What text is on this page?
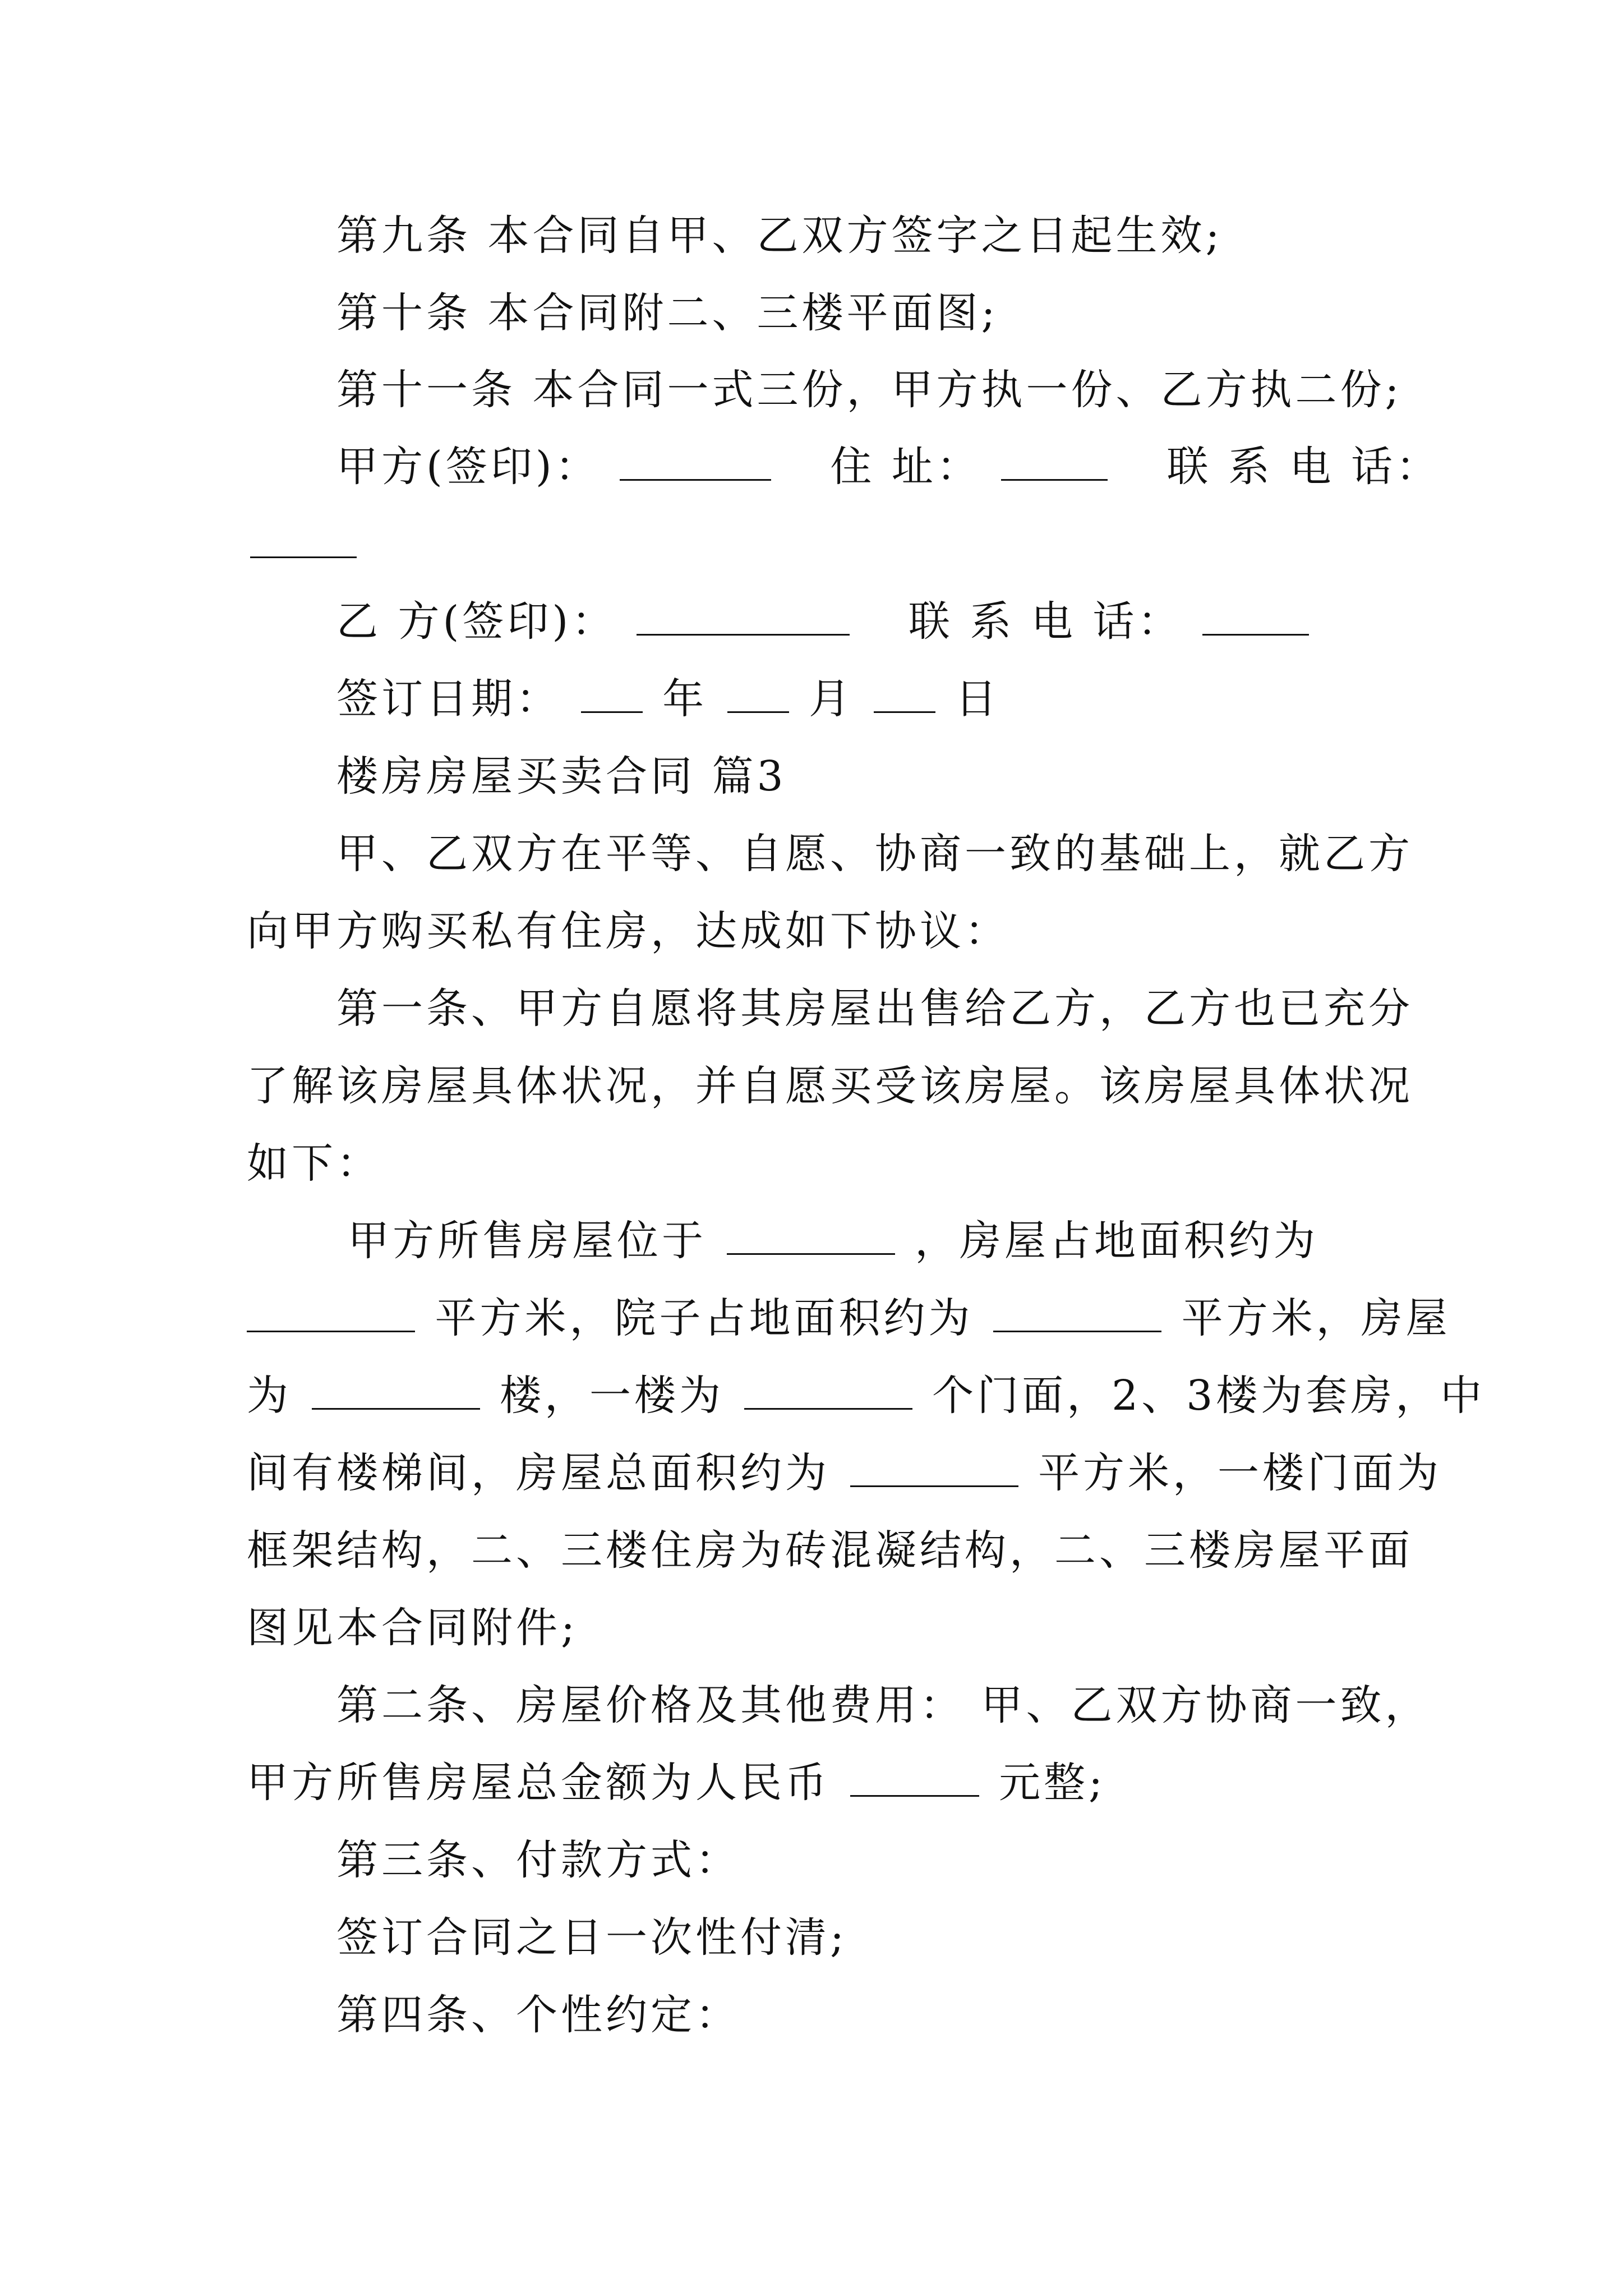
第九条 本合同自甲、乙双方签字之日起生效;
第十条 本合同附二、三楼平面图;
第十一条 本合同一式三份，甲方执一份、乙方执二份;
甲方(签印)：	住 址：	联 系 电 话：
乙 方(签印)：	联 系 电 话：
签订日期： 年 月 日
楼房房屋买卖合同 篇3
甲、乙双方在平等、自愿、协商一致的基础上，就乙方
向甲方购买私有住房，达成如下协议：
第一条、甲方自愿将其房屋出售给乙方，乙方也已充分
了解该房屋具体状况，并自愿买受该房屋。该房屋具体状况
如下：
甲方所售房屋位于	，房屋占地面积约为
平方米，院子占地面积约为	平方米，房屋
为	楼，一楼为	个门面，2、3楼为套房，中
间有楼梯间，房屋总面积约为	平方米，一楼门面为
框架结构，二、三楼住房为砖混凝结构，二、三楼房屋平面
图见本合同附件;
第二条、房屋价格及其他费用： 甲、乙双方协商一致，
甲方所售房屋总金额为人民币	元整;
第三条、付款方式：
签订合同之日一次性付清;
第四条、个性约定：
